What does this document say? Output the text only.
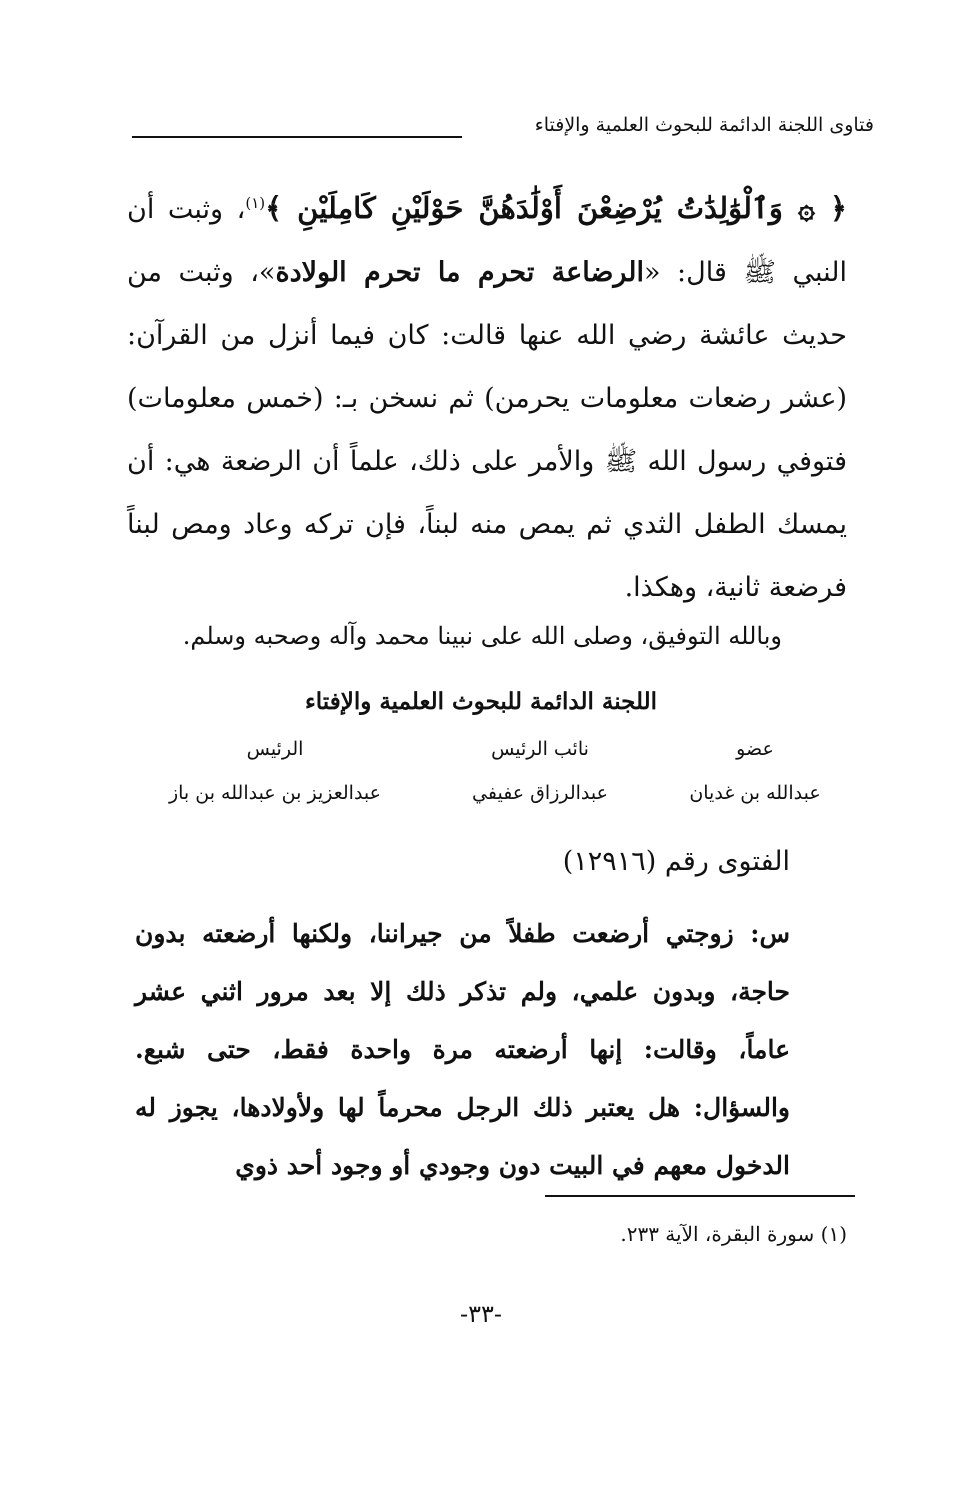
فتاوى اللجنة الدائمة للبحوث العلمية والإفتاء
﴿ ۞ وَٱلْوَٰلِدَٰتُ يُرْضِعْنَ أَوْلَٰدَهُنَّ حَوْلَيْنِ كَامِلَيْنِ ﴾$^{(١)}$، وثبت أن النبي ﷺ قال: «الرضاعة تحرم ما تحرم الولادة»، وثبت من حديث عائشة رضي الله عنها قالت: كان فيما أنزل من القرآن: (عشر رضعات معلومات يحرمن) ثم نسخن بـ: (خمس معلومات) فتوفي رسول الله ﷺ والأمر على ذلك، علماً أن الرضعة هي: أن يمسك الطفل الثدي ثم يمص منه لبناً، فإن تركه وعاد ومص لبناً فرضعة ثانية، وهكذا.
وبالله التوفيق، وصلى الله على نبينا محمد وآله وصحبه وسلم.
اللجنة الدائمة للبحوث العلمية والإفتاء
عضو
عبدالله بن غديان
نائب الرئيس
عبدالرزاق عفيفي
الرئيس
عبدالعزيز بن عبدالله بن باز
الفتوى رقم (١٢٩١٦)
س: زوجتي أرضعت طفلاً من جيراننا، ولكنها أرضعته بدون حاجة، وبدون علمي، ولم تذكر ذلك إلا بعد مرور اثني عشر عاماً، وقالت: إنها أرضعته مرة واحدة فقط، حتى شبع. والسؤال: هل يعتبر ذلك الرجل محرماً لها ولأولادها، يجوز له الدخول معهم في البيت دون وجودي أو وجود أحد ذوي
(١) سورة البقرة، الآية ٢٣٣.
-٣٣-
